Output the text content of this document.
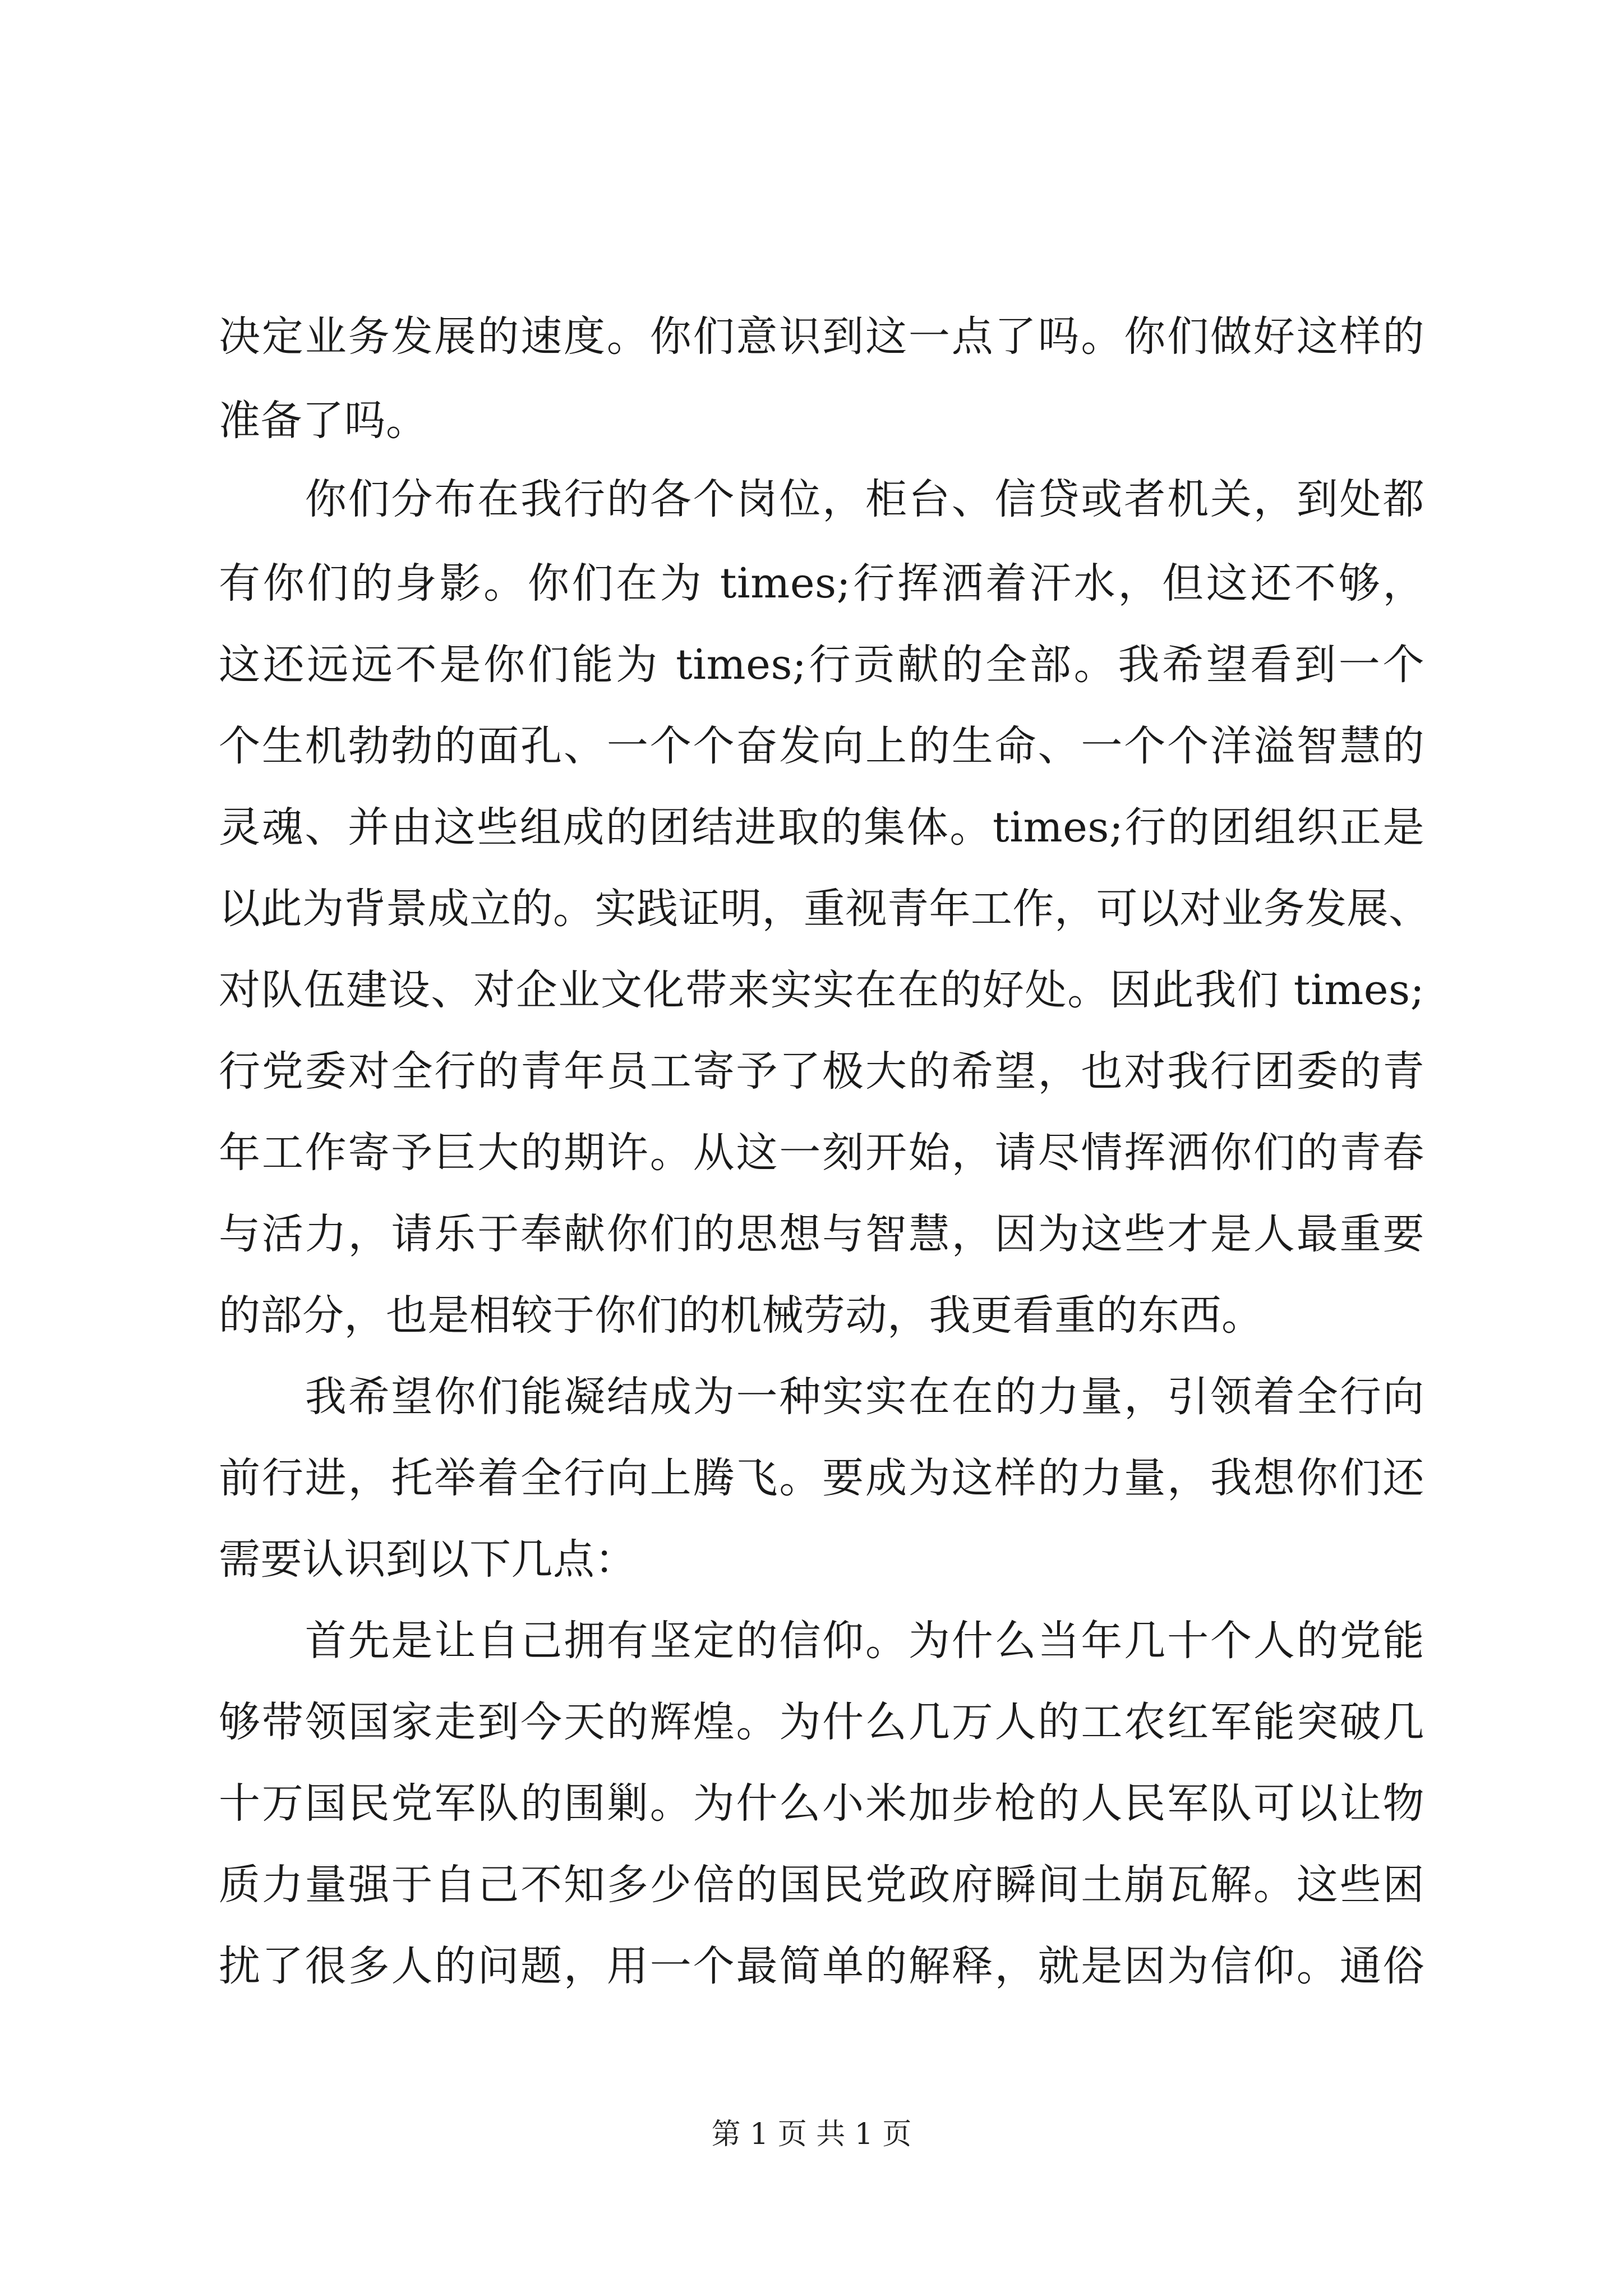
决定业务发展的速度。你们意识到这一点了吗。你们做好这样的
准备了吗。
　　你们分布在我行的各个岗位，柜台、信贷或者机关，到处都
有你们的身影。你们在为 times;行挥洒着汗水，但这还不够，
这还远远不是你们能为 times;行贡献的全部。我希望看到一个
个生机勃勃的面孔、一个个奋发向上的生命、一个个洋溢智慧的
灵魂、并由这些组成的团结进取的集体。times;行的团组织正是
以此为背景成立的。实践证明，重视青年工作，可以对业务发展、
对队伍建设、对企业文化带来实实在在的好处。因此我们 times;
行党委对全行的青年员工寄予了极大的希望，也对我行团委的青
年工作寄予巨大的期许。从这一刻开始，请尽情挥洒你们的青春
与活力，请乐于奉献你们的思想与智慧，因为这些才是人最重要
的部分，也是相较于你们的机械劳动，我更看重的东西。
　　我希望你们能凝结成为一种实实在在的力量，引领着全行向
前行进，托举着全行向上腾飞。要成为这样的力量，我想你们还
需要认识到以下几点：
　　首先是让自己拥有坚定的信仰。为什么当年几十个人的党能
够带领国家走到今天的辉煌。为什么几万人的工农红军能突破几
十万国民党军队的围剿。为什么小米加步枪的人民军队可以让物
质力量强于自己不知多少倍的国民党政府瞬间土崩瓦解。这些困
扰了很多人的问题，用一个最简单的解释，就是因为信仰。通俗
第 1 页 共 1 页
